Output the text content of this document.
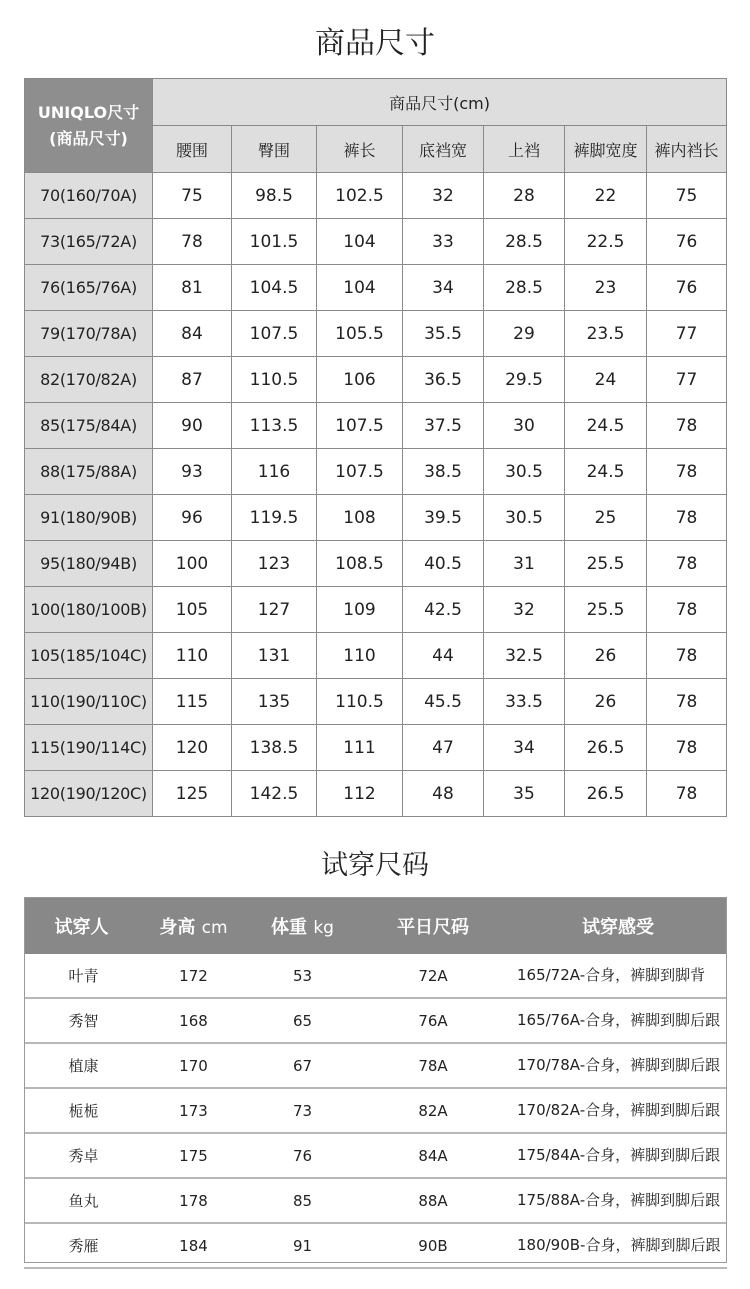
商品尺寸
UNIQLO尺寸
(商品尺寸)	商品尺寸(cm)						
	腰围	臀围	裤长	底裆宽	上裆	裤脚宽度	裤内裆长
70(160/70A)	75	98.5	102.5	32	28	22	75
73(165/72A)	78	101.5	104	33	28.5	22.5	76
76(165/76A)	81	104.5	104	34	28.5	23	76
79(170/78A)	84	107.5	105.5	35.5	29	23.5	77
82(170/82A)	87	110.5	106	36.5	29.5	24	77
85(175/84A)	90	113.5	107.5	37.5	30	24.5	78
88(175/88A)	93	116	107.5	38.5	30.5	24.5	78
91(180/90B)	96	119.5	108	39.5	30.5	25	78
95(180/94B)	100	123	108.5	40.5	31	25.5	78
100(180/100B)	105	127	109	42.5	32	25.5	78
105(185/104C)	110	131	110	44	32.5	26	78
110(190/110C)	115	135	110.5	45.5	33.5	26	78
115(190/114C)	120	138.5	111	47	34	26.5	78
120(190/120C)	125	142.5	112	48	35	26.5	78
试穿尺码
试穿人	身高 cm	体重 kg	平日尺码	试穿感受
叶青	172	53	72A	165/72A-合身，裤脚到脚背
秀智	168	65	76A	165/76A-合身，裤脚到脚后跟
植康	170	67	78A	170/78A-合身，裤脚到脚后跟
栀栀	173	73	82A	170/82A-合身，裤脚到脚后跟
秀卓	175	76	84A	175/84A-合身，裤脚到脚后跟
鱼丸	178	85	88A	175/88A-合身，裤脚到脚后跟
秀雁	184	91	90B	180/90B-合身，裤脚到脚后跟
